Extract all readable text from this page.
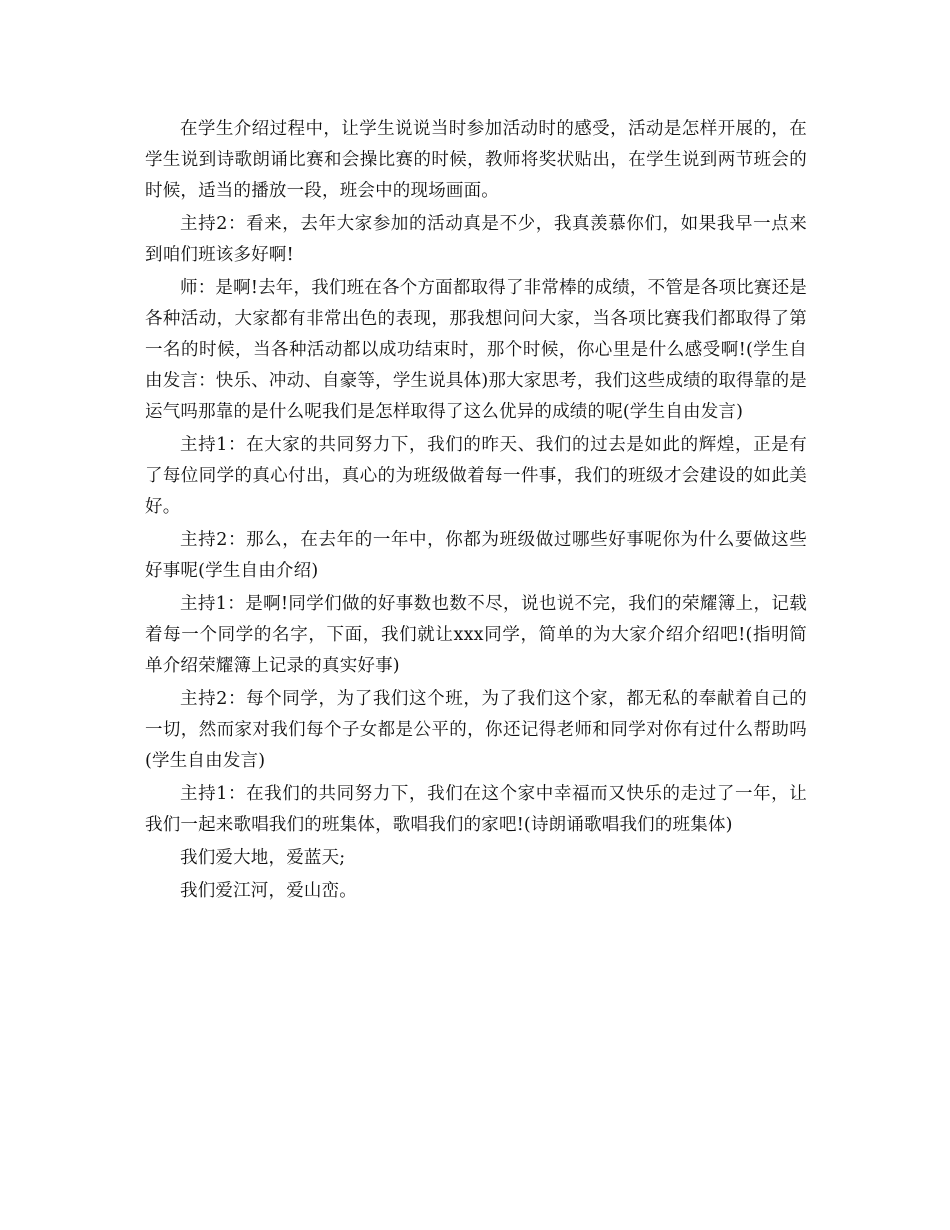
在学生介绍过程中，让学生说说当时参加活动时的感受，活动是怎样开展的，在学生说到诗歌朗诵比赛和会操比赛的时候，教师将奖状贴出，在学生说到两节班会的时候，适当的播放一段，班会中的现场画面。

主持2：看来，去年大家参加的活动真是不少，我真羡慕你们，如果我早一点来到咱们班该多好啊!

师：是啊!去年，我们班在各个方面都取得了非常棒的成绩，不管是各项比赛还是各种活动，大家都有非常出色的表现，那我想问问大家，当各项比赛我们都取得了第一名的时候，当各种活动都以成功结束时，那个时候，你心里是什么感受啊!(学生自由发言：快乐、冲动、自豪等，学生说具体)那大家思考，我们这些成绩的取得靠的是运气吗那靠的是什么呢我们是怎样取得了这么优异的成绩的呢(学生自由发言)

主持1：在大家的共同努力下，我们的昨天、我们的过去是如此的辉煌，正是有了每位同学的真心付出，真心的为班级做着每一件事，我们的班级才会建设的如此美好。

主持2：那么，在去年的一年中，你都为班级做过哪些好事呢你为什么要做这些好事呢(学生自由介绍)

主持1：是啊!同学们做的好事数也数不尽，说也说不完，我们的荣耀簿上，记载着每一个同学的名字，下面，我们就让xxx同学，简单的为大家介绍介绍吧!(指明简单介绍荣耀簿上记录的真实好事)

主持2：每个同学，为了我们这个班，为了我们这个家，都无私的奉献着自己的一切，然而家对我们每个子女都是公平的，你还记得老师和同学对你有过什么帮助吗(学生自由发言)

主持1：在我们的共同努力下，我们在这个家中幸福而又快乐的走过了一年，让我们一起来歌唱我们的班集体，歌唱我们的家吧!(诗朗诵歌唱我们的班集体)

我们爱大地，爱蓝天;

我们爱江河，爱山峦。
